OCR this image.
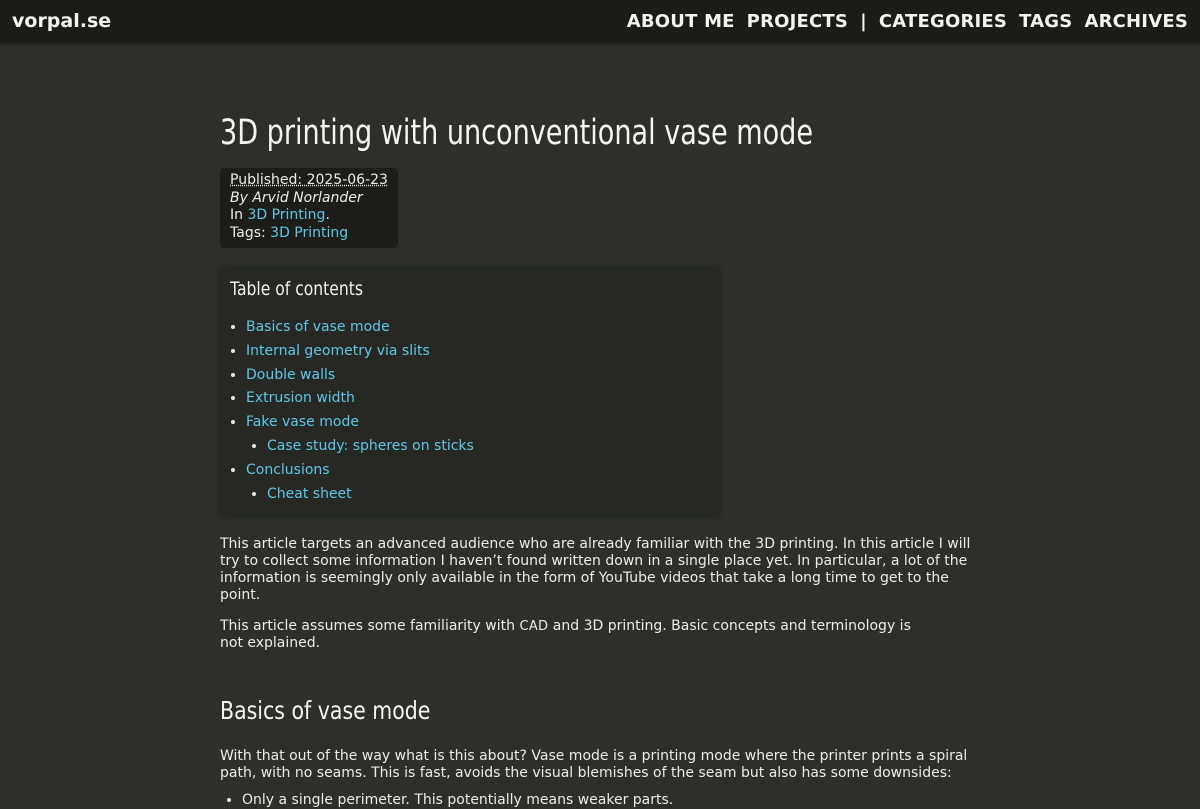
vorpal.se	ABOUT ME PROJECTS | CATEGORIES TAGS ARCHIVES
3D printing with unconventional vase mode
Published: 2025-06-23
By Arvid Norlander
In 3D Printing.
Tags: 3D Printing
Table of contents
• Basics of vase mode
• Internal geometry via slits
• Double walls
• Extrusion width
• Fake vase mode
• Case study: spheres on sticks
• Conclusions
• Cheat sheet

This article targets an advanced audience who are already familiar with the 3D printing. In this article I will try to collect some information I haven’t found written down in a single place yet. In particular, a lot of the information is seemingly only available in the form of YouTube videos that take a long time to get to the point.

This article assumes some familiarity with CAD and 3D printing. Basic concepts and terminology is not explained.

Basics of vase mode

With that out of the way what is this about? Vase mode is a printing mode where the printer prints a spiral path, with no seams. This is fast, avoids the visual blemishes of the seam but also has some downsides:

• Only a single perimeter. This potentially means weaker parts.
